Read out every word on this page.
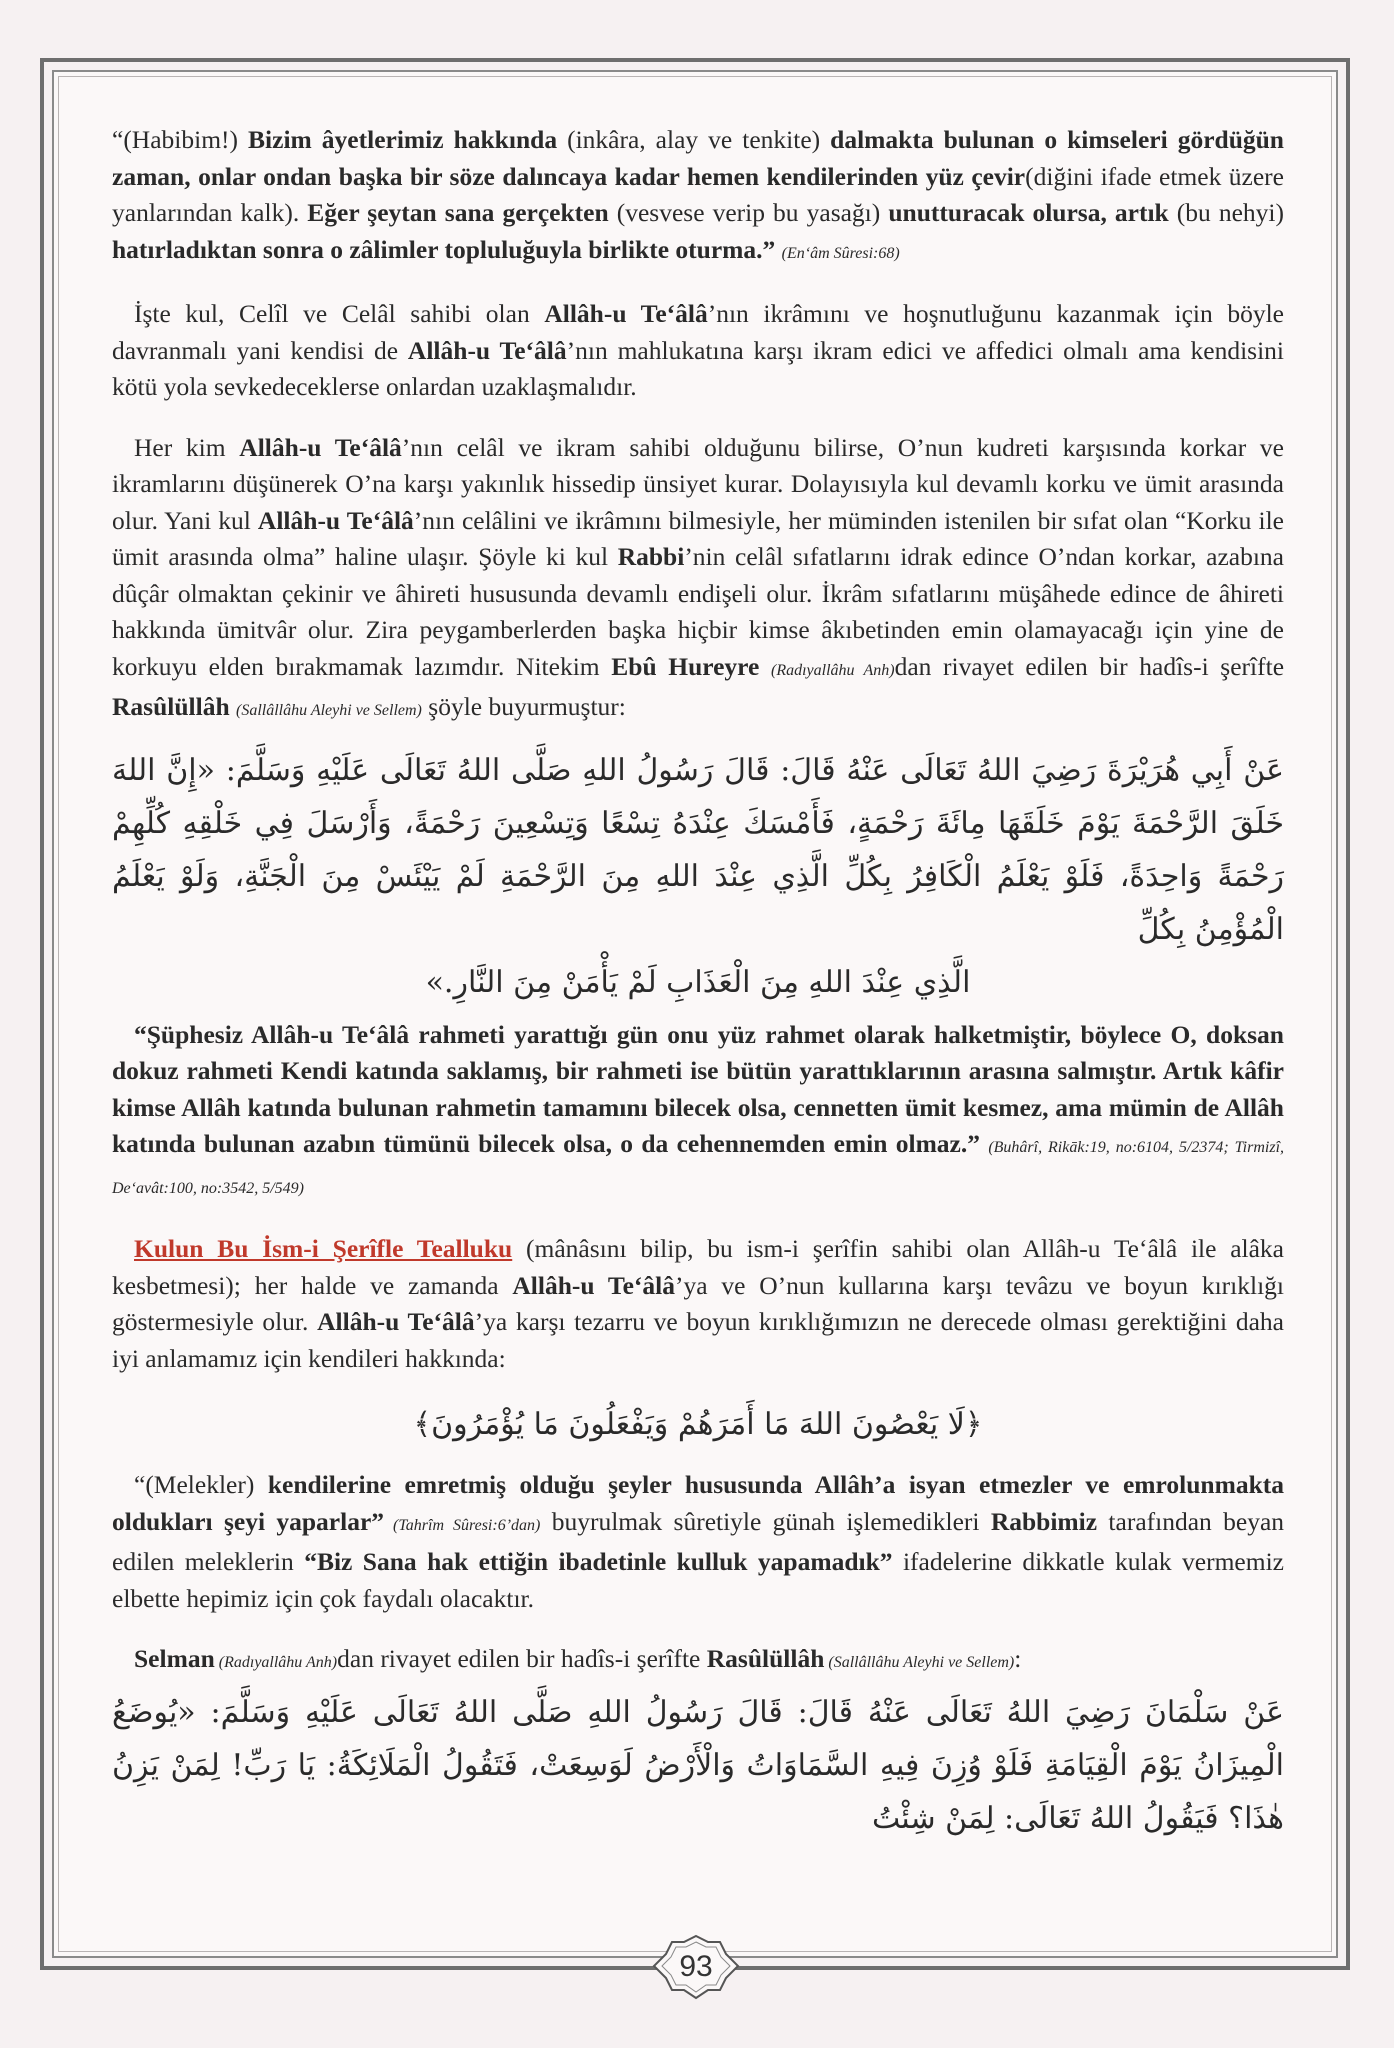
“(Habibim!) Bizim âyetlerimiz hakkında (inkâra, alay ve tenkite) dalmakta bulunan o kimseleri gördüğün zaman, onlar ondan başka bir söze dalıncaya kadar hemen kendilerinden yüz çevir(diğini ifade etmek üzere yanlarından kalk). Eğer şeytan sana gerçekten (vesvese verip bu yasağı) unutturacak olursa, artık (bu nehyi) hatırladıktan sonra o zâlimler topluluğuyla birlikte oturma.” (En‘âm Sûresi:68)

İşte kul, Celîl ve Celâl sahibi olan Allâh-u Te‘âlâ’nın ikrâmını ve hoşnutluğunu kazanmak için böyle davranmalı yani kendisi de Allâh-u Te‘âlâ’nın mahlukatına karşı ikram edici ve affedici olmalı ama kendisini kötü yola sevkedeceklerse onlardan uzaklaşmalıdır.

Her kim Allâh-u Te‘âlâ’nın celâl ve ikram sahibi olduğunu bilirse, O’nun kudreti karşısında korkar ve ikramlarını düşünerek O’na karşı yakınlık hissedip ünsiyet kurar. Dolayısıyla kul devamlı korku ve ümit arasında olur. Yani kul Allâh-u Te‘âlâ’nın celâlini ve ikrâmını bilmesiyle, her müminden istenilen bir sıfat olan “Korku ile ümit arasında olma” haline ulaşır. Şöyle ki kul Rabbi’nin celâl sıfatlarını idrak edince O’ndan korkar, azabına dûçâr olmaktan çekinir ve âhireti hususunda devamlı endişeli olur. İkrâm sıfatlarını müşâhede edince de âhireti hakkında ümitvâr olur. Zira peygamberlerden başka hiçbir kimse âkıbetinden emin olamayacağı için yine de korkuyu elden bırakmamak lazımdır. Nitekim Ebû Hureyre (Radıyallâhu Anh)dan rivayet edilen bir hadîs-i şerîfte Rasûlüllâh (Sallâllâhu Aleyhi ve Sellem) şöyle buyurmuştur:

عَنْ أَبِي هُرَيْرَةَ رَضِيَ اللهُ تَعَالَى عَنْهُ قَالَ: قَالَ رَسُولُ اللهِ صَلَّى اللهُ تَعَالَى عَلَيْهِ وَسَلَّمَ: «إِنَّ اللهَ خَلَقَ الرَّحْمَةَ يَوْمَ خَلَقَهَا مِائَةَ رَحْمَةٍ، فَأَمْسَكَ عِنْدَهُ تِسْعًا وَتِسْعِينَ رَحْمَةً، وَأَرْسَلَ فِي خَلْقِهِ كُلِّهِمْ رَحْمَةً وَاحِدَةً، فَلَوْ يَعْلَمُ الْكَافِرُ بِكُلِّ الَّذِي عِنْدَ اللهِ مِنَ الرَّحْمَةِ لَمْ يَيْئَسْ مِنَ الْجَنَّةِ، وَلَوْ يَعْلَمُ الْمُؤْمِنُ بِكُلِّ
الَّذِي عِنْدَ اللهِ مِنَ الْعَذَابِ لَمْ يَأْمَنْ مِنَ النَّارِ.»

“Şüphesiz Allâh-u Te‘âlâ rahmeti yarattığı gün onu yüz rahmet olarak halketmiştir, böylece O, doksan dokuz rahmeti Kendi katında saklamış, bir rahmeti ise bütün yarattıklarının arasına salmıştır. Artık kâfir kimse Allâh katında bulunan rahmetin tamamını bilecek olsa, cennetten ümit kesmez, ama mümin de Allâh katında bulunan azabın tümünü bilecek olsa, o da cehennemden emin olmaz.” (Buhârî, Rikāk:19, no:6104, 5/2374; Tirmizî, De‘avât:100, no:3542, 5/549)

Kulun Bu İsm-i Şerîfle Tealluku (mânâsını bilip, bu ism-i şerîfin sahibi olan Allâh-u Te‘âlâ ile alâka kesbetmesi); her halde ve zamanda Allâh-u Te‘âlâ’ya ve O’nun kullarına karşı tevâzu ve boyun kırıklığı göstermesiyle olur. Allâh-u Te‘âlâ’ya karşı tezarru ve boyun kırıklığımızın ne derecede olması gerektiğini daha iyi anlamamız için kendileri hakkında:

﴿لَا يَعْصُونَ اللهَ مَا أَمَرَهُمْ وَيَفْعَلُونَ مَا يُؤْمَرُونَ﴾

“(Melekler) kendilerine emretmiş olduğu şeyler hususunda Allâh’a isyan etmezler ve emrolunmakta oldukları şeyi yaparlar” (Tahrîm Sûresi:6’dan) buyrulmak sûretiyle günah işlemedikleri Rabbimiz tarafından beyan edilen meleklerin “Biz Sana hak ettiğin ibadetinle kulluk yapamadık” ifadelerine dikkatle kulak vermemiz elbette hepimiz için çok faydalı olacaktır.

Selman (Radıyallâhu Anh)dan rivayet edilen bir hadîs-i şerîfte Rasûlüllâh (Sallâllâhu Aleyhi ve Sellem):

عَنْ سَلْمَانَ رَضِيَ اللهُ تَعَالَى عَنْهُ قَالَ: قَالَ رَسُولُ اللهِ صَلَّى اللهُ تَعَالَى عَلَيْهِ وَسَلَّمَ: «يُوضَعُ الْمِيزَانُ يَوْمَ الْقِيَامَةِ فَلَوْ وُزِنَ فِيهِ السَّمَاوَاتُ وَالْأَرْضُ لَوَسِعَتْ، فَتَقُولُ الْمَلَائِكَةُ: يَا رَبِّ! لِمَنْ يَزِنُ هٰذَا؟ فَيَقُولُ اللهُ تَعَالَى: لِمَنْ شِئْتُ

93
